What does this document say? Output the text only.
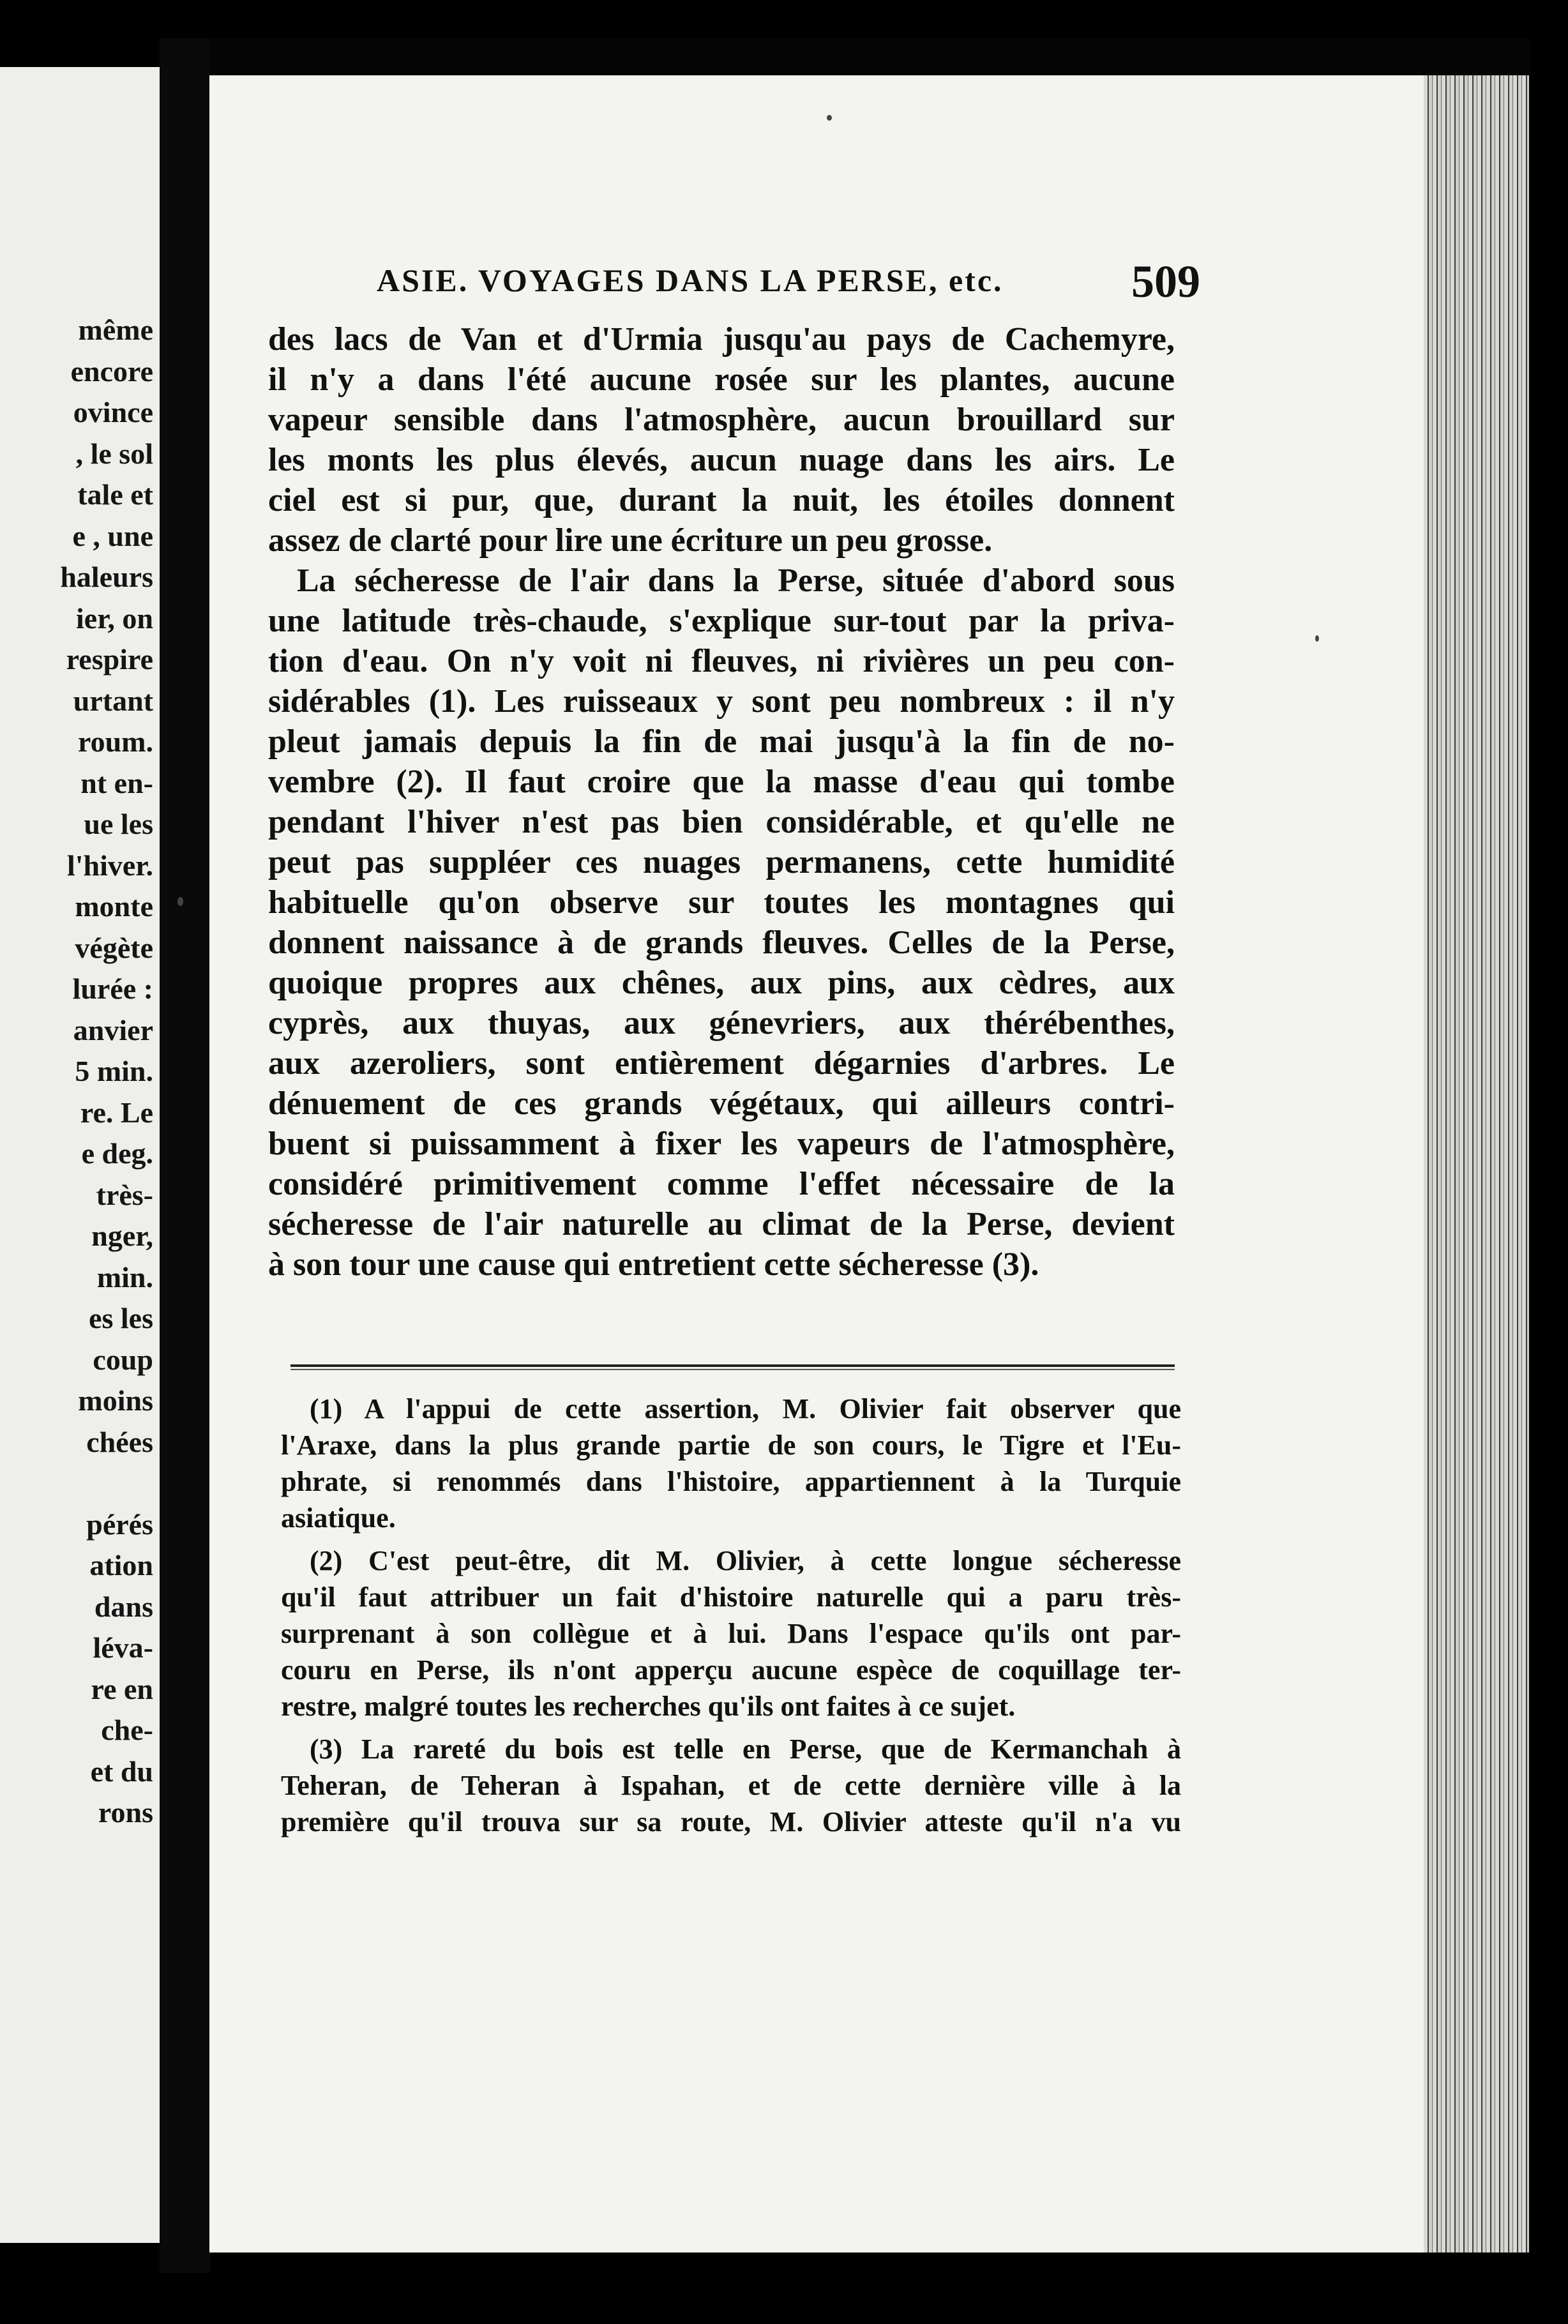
même
encore
ovince
, le sol
tale et
e , une
haleurs
ier, on
respire
urtant
roum.
nt en-
ue les
l'hiver.
monte
végète
lurée :
anvier
5 min.
re. Le
e deg.
très-
nger,
min.
es les
coup
moins
chées
pérés
ation
dans
léva-
re en
che-
et du
rons
ASIE. VOYAGES DANS LA PERSE, etc.	509
des lacs de Van et d'Urmia jusqu'au pays de Cachemyre,
il n'y a dans l'été aucune rosée sur les plantes, aucune
vapeur sensible dans l'atmosphère, aucun brouillard sur
les monts les plus élevés, aucun nuage dans les airs. Le
ciel est si pur, que, durant la nuit, les étoiles donnent
assez de clarté pour lire une écriture un peu grosse.
La sécheresse de l'air dans la Perse, située d'abord sous
une latitude très-chaude, s'explique sur-tout par la priva-
tion d'eau. On n'y voit ni fleuves, ni rivières un peu con-
sidérables (1). Les ruisseaux y sont peu nombreux : il n'y
pleut jamais depuis la fin de mai jusqu'à la fin de no-
vembre (2). Il faut croire que la masse d'eau qui tombe
pendant l'hiver n'est pas bien considérable, et qu'elle ne
peut pas suppléer ces nuages permanens, cette humidité
habituelle qu'on observe sur toutes les montagnes qui
donnent naissance à de grands fleuves. Celles de la Perse,
quoique propres aux chênes, aux pins, aux cèdres, aux
cyprès, aux thuyas, aux génevriers, aux thérébenthes,
aux azeroliers, sont entièrement dégarnies d'arbres. Le
dénuement de ces grands végétaux, qui ailleurs contri-
buent si puissamment à fixer les vapeurs de l'atmosphère,
considéré primitivement comme l'effet nécessaire de la
sécheresse de l'air naturelle au climat de la Perse, devient
à son tour une cause qui entretient cette sécheresse (3).
(1) A l'appui de cette assertion, M. Olivier fait observer que
l'Araxe, dans la plus grande partie de son cours, le Tigre et l'Eu-
phrate, si renommés dans l'histoire, appartiennent à la Turquie
asiatique.
(2) C'est peut-être, dit M. Olivier, à cette longue sécheresse
qu'il faut attribuer un fait d'histoire naturelle qui a paru très-
surprenant à son collègue et à lui. Dans l'espace qu'ils ont par-
couru en Perse, ils n'ont apperçu aucune espèce de coquillage ter-
restre, malgré toutes les recherches qu'ils ont faites à ce sujet.
(3) La rareté du bois est telle en Perse, que de Kermanchah à
Teheran, de Teheran à Ispahan, et de cette dernière ville à la
première qu'il trouva sur sa route, M. Olivier atteste qu'il n'a vu
